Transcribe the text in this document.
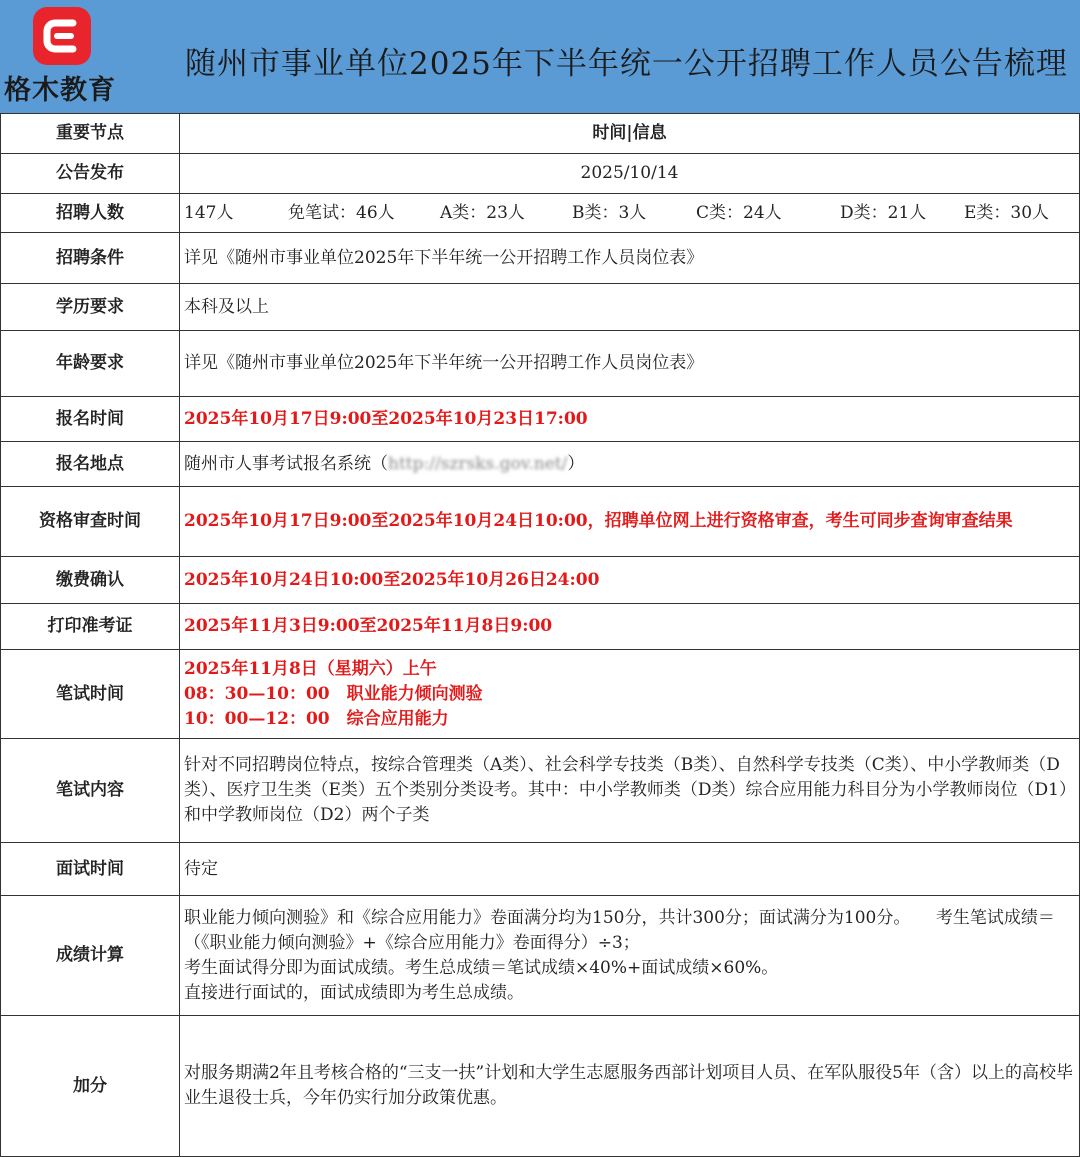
格木教育
随州市事业单位2025年下半年统一公开招聘工作人员公告梳理
重要节点	时间|信息
公告发布	2025/10/14
招聘人数	147人 免笔试：46人 A类：23人 B类：3人 C类：24人 D类：21人 E类：30人
招聘条件	详见《随州市事业单位2025年下半年统一公开招聘工作人员岗位表》
学历要求	本科及以上
年龄要求	详见《随州市事业单位2025年下半年统一公开招聘工作人员岗位表》
报名时间	2025年10月17日9:00至2025年10月23日17:00
报名地点	随州市人事考试报名系统（http://szrsks.gov.net/）
资格审查时间	2025年10月17日9:00至2025年10月24日10:00，招聘单位网上进行资格审查，考生可同步查询审查结果
缴费确认	2025年10月24日10:00至2025年10月26日24:00
打印准考证	2025年11月3日9:00至2025年11月8日9:00
笔试时间	2025年11月8日（星期六）上午
08：30—10：00　职业能力倾向测验
10：00—12：00　综合应用能力

笔试内容	针对不同招聘岗位特点，按综合管理类（A类）、社会科学专技类（B类）、自然科学专技类（C类）、中小学教师类（D类）、医疗卫生类（E类）五个类别分类设考。其中：中小学教师类（D类）综合应用能力科目分为小学教师岗位（D1）和中学教师岗位（D2）两个子类
面试时间	待定
成绩计算	职业能力倾向测验》和《综合应用能力》卷面满分均为150分，共计300分；面试满分为100分。　　考生笔试成绩＝（《职业能力倾向测验》+《综合应用能力》卷面得分）÷3；
考生面试得分即为面试成绩。考生总成绩＝笔试成绩×40%+面试成绩×60%。
直接进行面试的，面试成绩即为考生总成绩。

加分	对服务期满2年且考核合格的“三支一扶”计划和大学生志愿服务西部计划项目人员、在军队服役5年（含）以上的高校毕业生退役士兵，今年仍实行加分政策优惠。
